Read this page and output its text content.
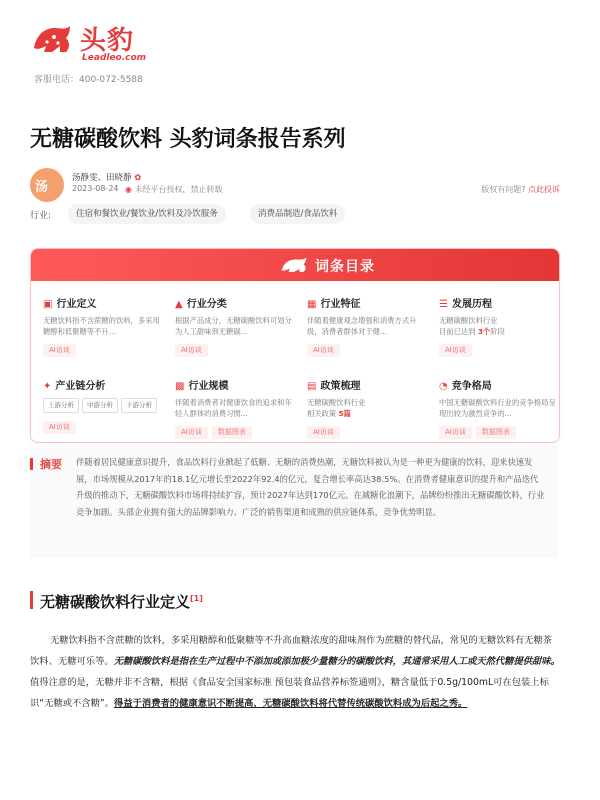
头豹
Leadleo.com
客服电话：400-072-5588
无糖碳酸饮料 头豹词条报告系列
汤
汤静雯、田晓静 ✿
2023-08-24 ◉ 未经平台授权，禁止转载	版权有问题? 点此投诉
行业:	住宿和餐饮业/餐饮业/饮料及冷饮服务	消费品制造/食品饮料
词条目录
▣ 行业定义
无糖饮料指不含蔗糖的饮料，多采用糖醇和低聚糖等不升...
AI访谈
▲ 行业分类
根据产品成分，无糖碳酸饮料可划分为人工甜味剂无糖碳...
AI访谈
▦ 行业特征
伴随着健康观念增强和消费方式升级，消费者群体对于健...
AI访谈
☰ 发展历程
无糖碳酸饮料行业
目前已达到 3个阶段
AI访谈
✦ 产业链分析
上游分析 中游分析 下游分析
AI访谈
▩ 行业规模
伴随着消费者对健康饮食的追求和年轻人群体的消费习惯...
AI访谈 数据图表
▤ 政策梳理
无糖碳酸饮料行业
相关政策 5篇
AI访谈
◔ 竞争格局
中国无糖碳酸饮料行业的竞争格局呈现出较为激烈竞争的...
AI访谈 数据图表
摘要 伴随着居民健康意识提升，食品饮料行业掀起了低糖、无糖的消费热潮，无糖饮料被认为是一种更为健康的饮料，迎来快速发展，市场规模从2017年的18.1亿元增长至2022年92.4的亿元，复合增长率高达38.5%。在消费者健康意识的提升和产品迭代升级的推动下，无糖碳酸饮料市场将持续扩容，预计2027年达到170亿元。在减糖化浪潮下，品牌纷纷推出无糖碳酸饮料，行业竞争加剧。头部企业拥有强大的品牌影响力、广泛的销售渠道和成熟的供应链体系，竞争优势明显。
无糖碳酸饮料行业定义[1]
无糖饮料指不含蔗糖的饮料，多采用糖醇和低聚糖等不升高血糖浓度的甜味剂作为蔗糖的替代品，常见的无糖饮料有无糖茶饮料、无糖可乐等。无糖碳酸饮料是指在生产过程中不添加或添加极少量糖分的碳酸饮料，其通常采用人工或天然代糖提供甜味。值得注意的是，无糖并非不含糖，根据《食品安全国家标准 预包装食品营养标签通则》，糖含量低于0.5g/100mL可在包装上标识“无糖或不含糖”。得益于消费者的健康意识不断提高，无糖碳酸饮料将代替传统碳酸饮料成为后起之秀。
